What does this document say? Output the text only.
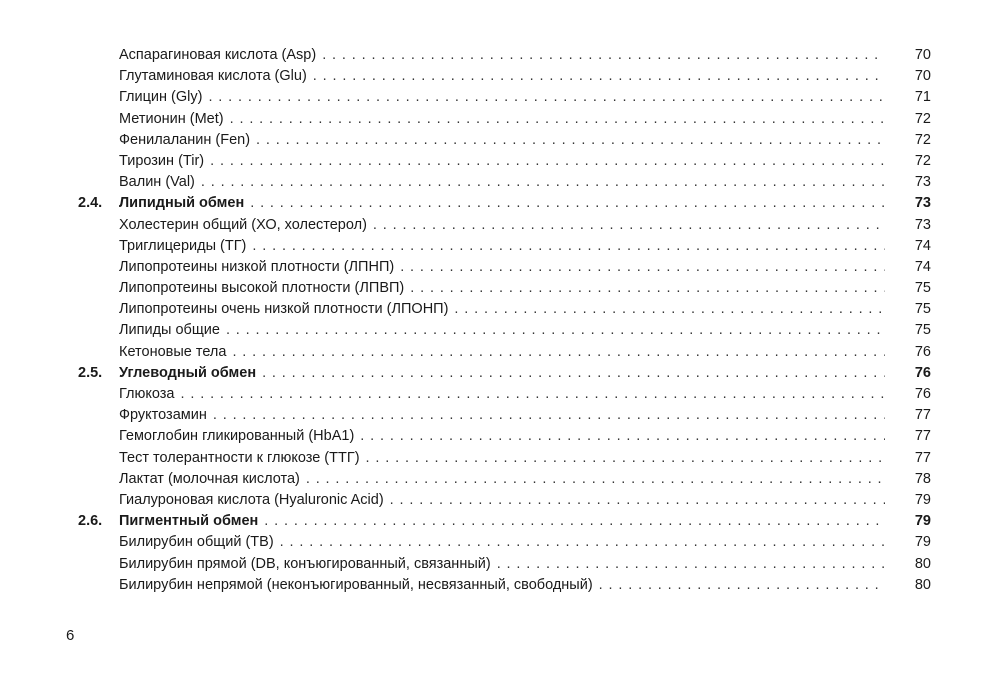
Аспарагиновая кислота (Asp) . . .	70
Глутаминовая кислота (Glu) . . .	70
Глицин (Gly) . . .	71
Метионин (Met) . . .	72
Фенилаланин (Fen) . . .	72
Тирозин (Tir) . . .	72
Валин (Val) . . .	73
2.4.	Липидный обмен . . .	73
Холестерин общий (ХО, холестерол) . . .	73
Триглицериды (ТГ) . . .	74
Липопротеины низкой плотности (ЛПНП) . . .	74
Липопротеины высокой плотности (ЛПВП) . . .	75
Липопротеины очень низкой плотности (ЛПОНП) . . .	75
Липиды общие . . .	75
Кетоновые тела . . .	76
2.5.	Углеводный обмен . . .	76
Глюкоза . . .	76
Фруктозамин . . .	77
Гемоглобин гликированный (HbA1) . . .	77
Тест толерантности к глюкозе (ТТГ) . . .	77
Лактат (молочная кислота) . . .	78
Гиалуроновая кислота (Hyaluronic Acid) . . .	79
2.6.	Пигментный обмен . . .	79
Билирубин общий (ТВ) . . .	79
Билирубин прямой (DB, конъюгированный, связанный) . . .	80
Билирубин непрямой (неконъюгированный, несвязанный, свободный) . . .	80
6
